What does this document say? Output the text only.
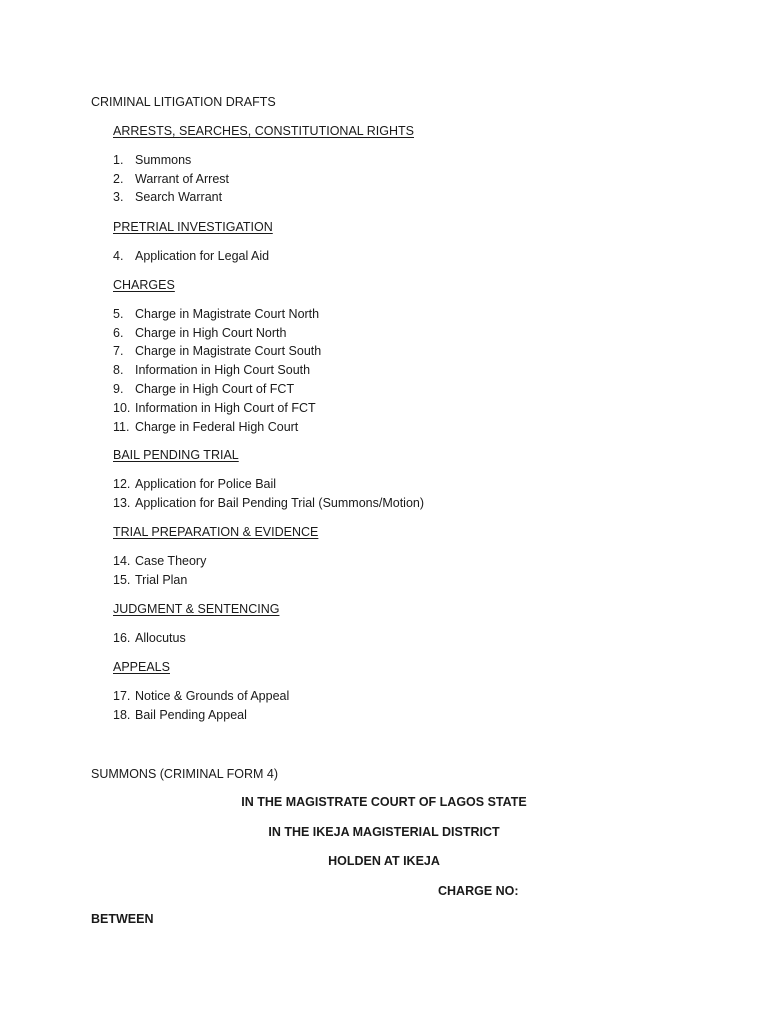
CRIMINAL LITIGATION DRAFTS
ARRESTS, SEARCHES, CONSTITUTIONAL RIGHTS
1. Summons
2. Warrant of Arrest
3. Search Warrant
PRETRIAL INVESTIGATION
4. Application for Legal Aid
CHARGES
5. Charge in Magistrate Court North
6. Charge in High Court North
7. Charge in Magistrate Court South
8. Information in High Court South
9. Charge in High Court of FCT
10. Information in High Court of FCT
11. Charge in Federal High Court
BAIL PENDING TRIAL
12. Application for Police Bail
13. Application for Bail Pending Trial (Summons/Motion)
TRIAL PREPARATION & EVIDENCE
14. Case Theory
15. Trial Plan
JUDGMENT & SENTENCING
16. Allocutus
APPEALS
17. Notice & Grounds of Appeal
18. Bail Pending Appeal
SUMMONS (CRIMINAL FORM 4)
IN THE MAGISTRATE COURT OF LAGOS STATE
IN THE IKEJA MAGISTERIAL DISTRICT
HOLDEN AT IKEJA
CHARGE NO:
BETWEEN
